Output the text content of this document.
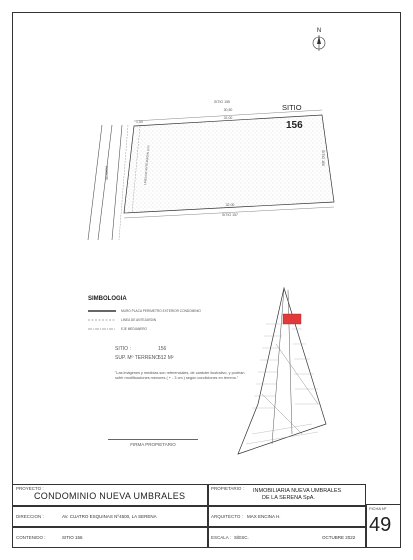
N
SITIO 155
30,50
32,00
32,00
SITIO 157
1,50
SITIO
156
SITIO 160
VEREDA	LINEA DE ANTEJARDIN 3,00
SIMBOLOGIA
MURO PLACA PERIMETRO EXTERIOR CONDOMINIO
LINEA DE ANTEJARDIN
EJE MEDIANERO
SITIO :	156
SUP. Mº TERRENO :
512 M²
"Las imágenes y medidas son referenciales, de carácter ilustrativo, y podrían sufrir modificaciones menores ( + - 3 cm ) según condiciones en terreno."
FIRMA PROPIETARIO
PROYECTO :
CONDOMINIO NUEVA UMBRALES
PROPIETARIO : INMOBILIARIA NUEVA UMBRALES
DE LA SERENA SpA.
FICHA Nº
49
DIRECCION :	AV. CUATRO ESQUINAS Nº4500, LA SERENA	ARQUITECTO : MAX ENCINA H.
CONTENIDO :	SITIO 156	ESCALA : S/ESC.	OCTUBRE 2022
